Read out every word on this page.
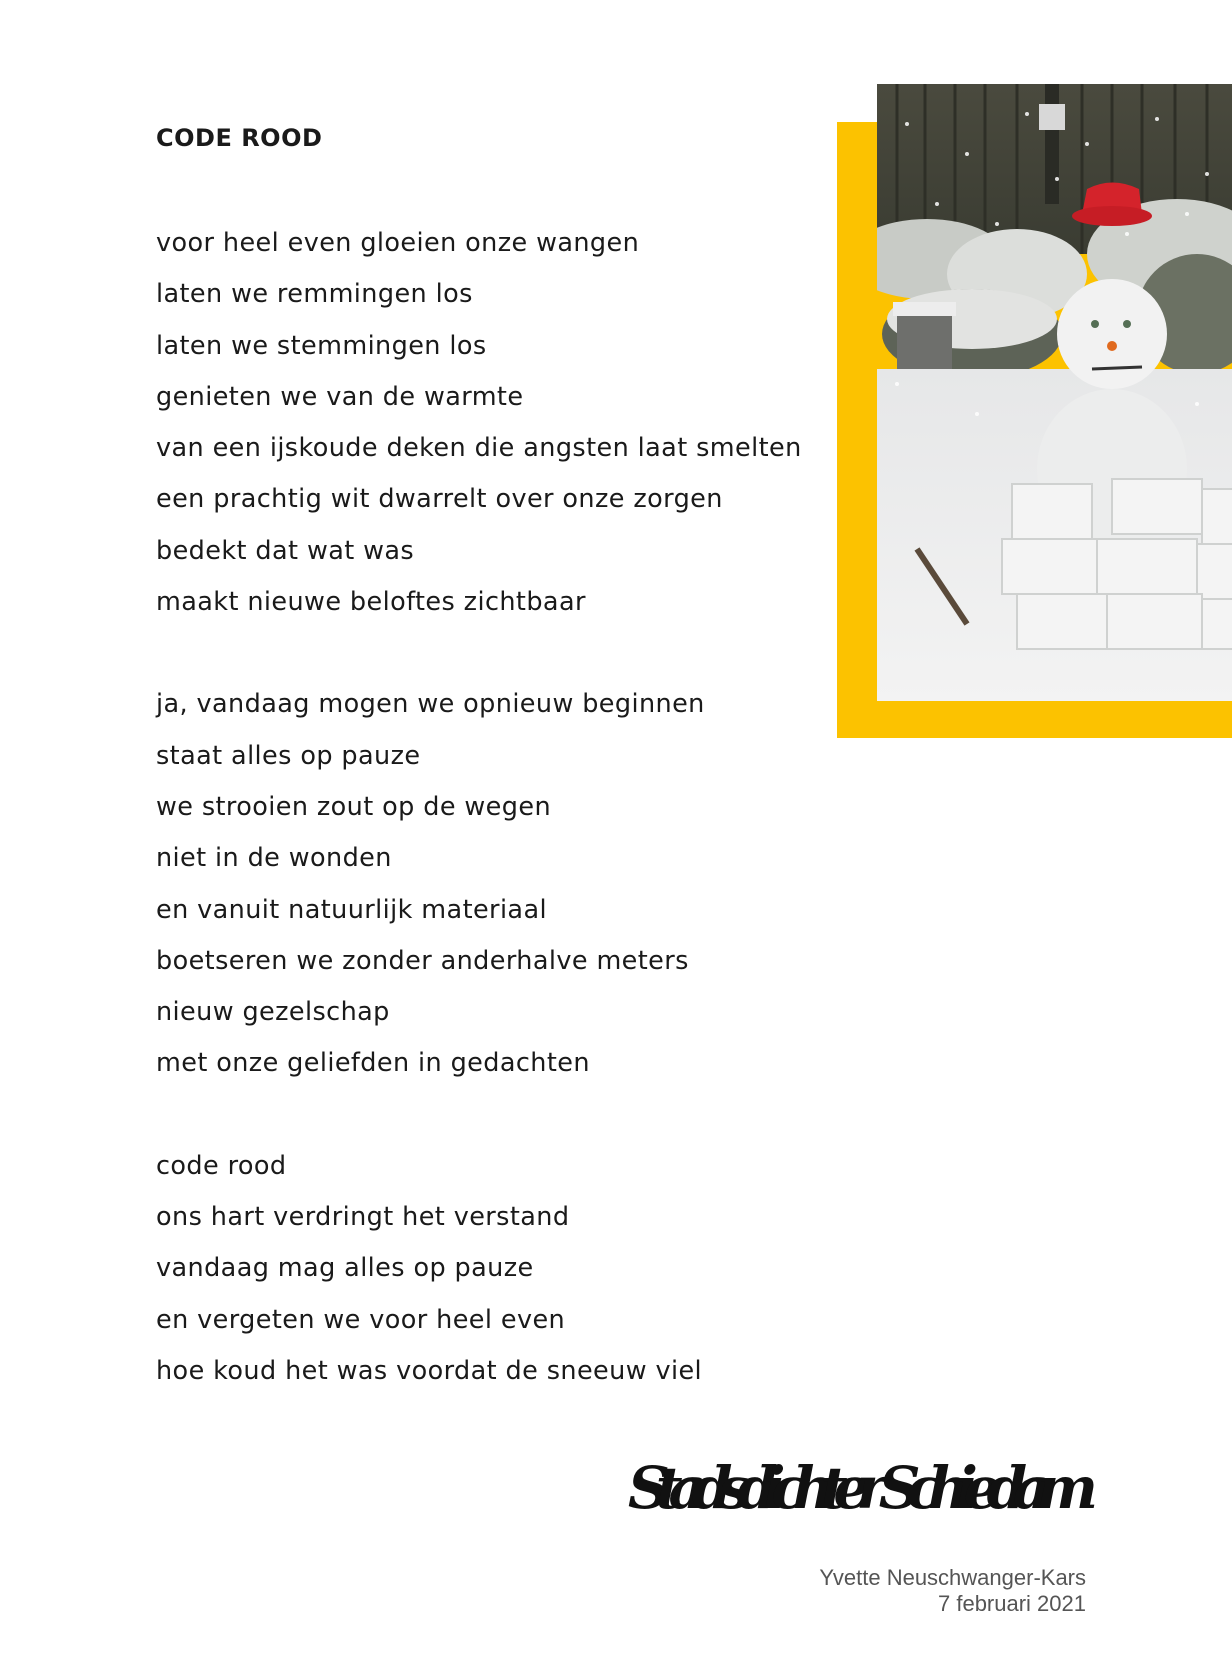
CODE ROOD
voor heel even gloeien onze wangen
laten we remmingen los
laten we stemmingen los
genieten we van de warmte
van een ijskoude deken die angsten laat smelten
een prachtig wit dwarrelt over onze zorgen
bedekt dat wat was
maakt nieuwe beloftes zichtbaar
ja, vandaag mogen we opnieuw beginnen
staat alles op pauze
we strooien zout op de wegen
niet in de wonden
en vanuit natuurlijk materiaal
boetseren we zonder anderhalve meters
nieuw gezelschap
met onze geliefden in gedachten
code rood
ons hart verdringt het verstand
vandaag mag alles op pauze
en vergeten we voor heel even
hoe koud het was voordat de sneeuw viel
Stadsdichter Schiedam
Yvette Neuschwanger-Kars
7 februari 2021
